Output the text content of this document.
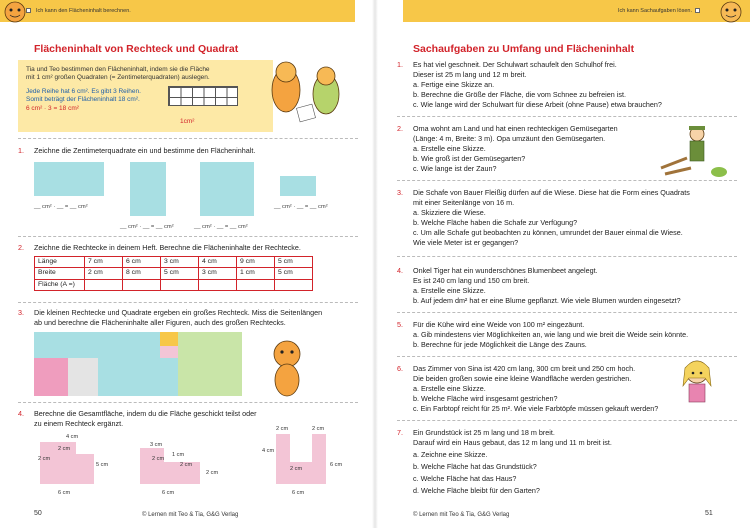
Ich kann den Flächeninhalt berechnen.
Flächeninhalt von Rechteck und Quadrat
Tia und Teo bestimmen den Flächeninhalt, indem sie die Fläche
mit 1 cm² großen Quadraten (= Zentimeterquadraten) auslegen.
Jede Reihe hat 6 cm². Es gibt 3 Reihen.
Somit beträgt der Flächeninhalt 18 cm².
6 cm² · 3 = 18 cm²
1cm²
1. Zeichne die Zentimeterquadrate ein und bestimme den Flächeninhalt.
__ cm² · __ = __ cm²	__ cm² · __ = __ cm²
__ cm² · __ = __ cm²	__ cm² · __ = __ cm²
2. Zeichne die Rechtecke in deinem Heft. Berechne die Flächeninhalte der Rechtecke.
Länge	7 cm	6 cm	3 cm	4 cm	9 cm	5 cm
Breite	2 cm	8 cm	5 cm	3 cm	1 cm	5 cm
Fläche (A =)						
3. Die kleinen Rechtecke und Quadrate ergeben ein großes Rechteck. Miss die Seitenlängen
ab und berechne die Flächeninhalte aller Figuren, auch des großen Rechtecks.
4. Berechne die Gesamtfläche, indem du die Fläche geschickt teilst oder
zu einem Rechteck ergänzt.
4 cm
2 cm
2 cm
5 cm
6 cm
3 cm
2 cm
1 cm
2 cm
2 cm
6 cm
2 cm	2 cm
4 cm
2 cm
6 cm
6 cm
50	© Lernen mit Teo & Tia, G&G Verlag
Ich kann Sachaufgaben lösen.
Sachaufgaben zu Umfang und Flächeninhalt
1. Es hat viel geschneit. Der Schulwart schaufelt den Schulhof frei.
Dieser ist 25 m lang und 12 m breit.
a. Fertige eine Skizze an.
b. Berechne die Größe der Fläche, die vom Schnee zu befreien ist.
c. Wie lange wird der Schulwart für diese Arbeit (ohne Pause) etwa brauchen?
2. Oma wohnt am Land und hat einen rechteckigen Gemüsegarten
(Länge: 4 m, Breite: 3 m). Opa umzäunt den Gemüsegarten.
a. Erstelle eine Skizze.
b. Wie groß ist der Gemüsegarten?
c. Wie lange ist der Zaun?
3. Die Schafe von Bauer Fleißig dürfen auf die Wiese. Diese hat die Form eines Quadrats
mit einer Seitenlänge von 16 m.
a. Skizziere die Wiese.
b. Welche Fläche haben die Schafe zur Verfügung?
c. Um alle Schafe gut beobachten zu können, umrundet der Bauer einmal die Wiese.
Wie viele Meter ist er gegangen?
4. Onkel Tiger hat ein wunderschönes Blumenbeet angelegt.
Es ist 240 cm lang und 150 cm breit.
a. Erstelle eine Skizze.
b. Auf jedem dm² hat er eine Blume gepflanzt. Wie viele Blumen wurden eingesetzt?
5. Für die Kühe wird eine Weide von 100 m² eingezäunt.
a. Gib mindestens vier Möglichkeiten an, wie lang und wie breit die Weide sein könnte.
b. Berechne für jede Möglichkeit die Länge des Zauns.
6. Das Zimmer von Sina ist 420 cm lang, 300 cm breit und 250 cm hoch.
Die beiden großen sowie eine kleine Wandfläche werden gestrichen.
a. Erstelle eine Skizze.
b. Welche Fläche wird insgesamt gestrichen?
c. Ein Farbtopf reicht für 25 m². Wie viele Farbtöpfe müssen gekauft werden?
7. Ein Grundstück ist 25 m lang und 18 m breit.
Darauf wird ein Haus gebaut, das 12 m lang und 11 m breit ist.
a. Zeichne eine Skizze.
b. Welche Fläche hat das Grundstück?
c. Welche Fläche hat das Haus?
d. Welche Fläche bleibt für den Garten?
© Lernen mit Teo & Tia, G&G Verlag	51
